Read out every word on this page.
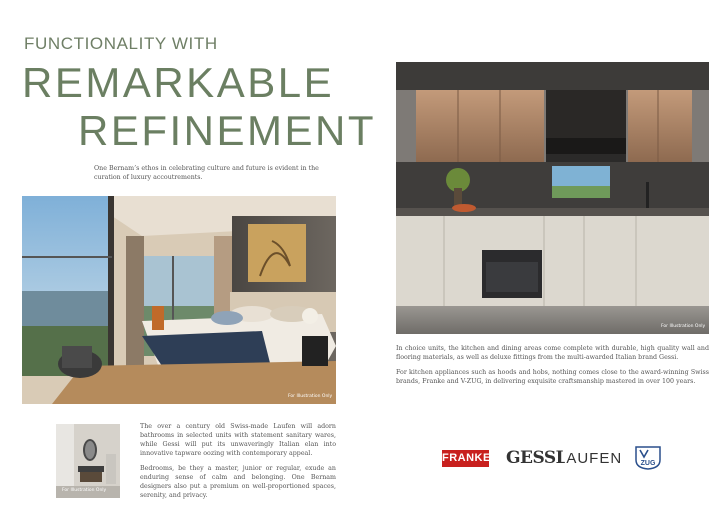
FUNCTIONALITY WITH
REMARKABLE
REFINEMENT
One Bernam’s ethos in celebrating culture and future is evident in the curation of luxury accoutrements.
For Illustration Only
For Illustration Only
For Illustration Only
The over a century old Swiss-made Laufen will adorn bathrooms in selected units with statement sanitary wares, while Gessi will put its unwaveringly Italian elan into innovative tapware oozing with contemporary appeal.
Bedrooms, be they a master, junior or regular, exude an enduring sense of calm and belonging. One Bernam designers also put a premium on well-proportioned spaces, serenity, and privacy.
In choice units, the kitchen and dining areas come complete with durable, high quality wall and flooring materials, as well as deluxe fittings from the multi-awarded Italian brand Gessi.
For kitchen appliances such as hoods and hobs, nothing comes close to the award-winning Swiss brands, Franke and V-ZUG, in delivering exquisite craftsmanship mastered in over 100 years.
FRANKE GESSI
LAUFEN	ZUG
